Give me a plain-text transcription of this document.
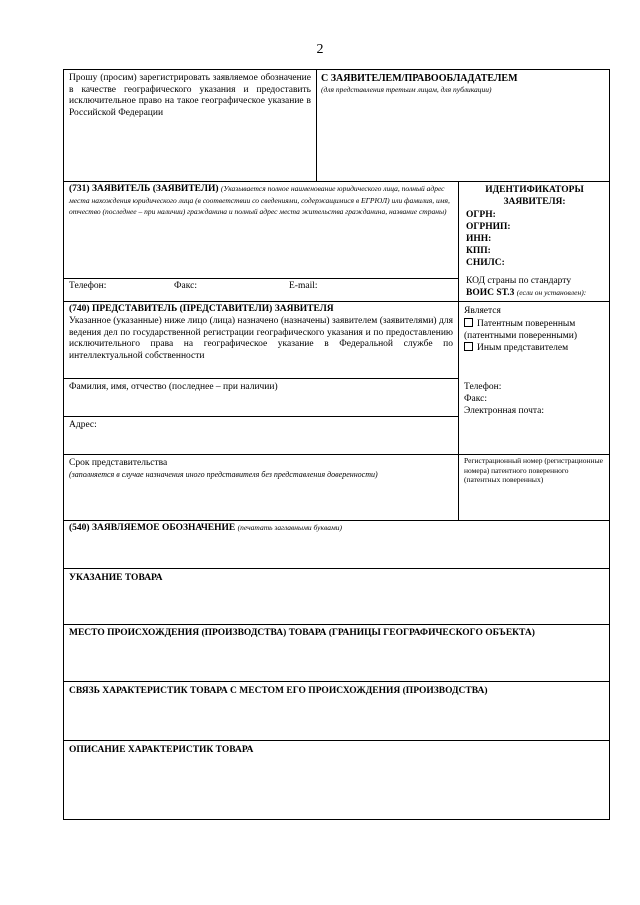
2
Прошу (просим) зарегистрировать заявляемое обозначение в качестве географического указания и предоставить исключительное право на такое географическое указание в Российской Федерации
С ЗАЯВИТЕЛЕМ/ПРАВООБЛАДАТЕЛЕМ
(для представления третьим лицам, для публикации)
(731) ЗАЯВИТЕЛЬ (ЗАЯВИТЕЛИ) (Указывается полное наименование юридического лица, полный адрес места нахождения юридического лица (в соответствии со сведениями, содержащимися в ЕГРЮЛ) или фамилия, имя, отчество (последнее – при наличии) гражданина и полный адрес места жительства гражданина, название страны)
Телефон:	Факс:	E-mail:
ИДЕНТИФИКАТОРЫ
ЗАЯВИТЕЛЯ:
ОГРН:
ОГРНИП:
ИНН:
КПП:
СНИЛС:
КОД страны по стандарту
ВОИС ST.3 (если он установлен):
(740) ПРЕДСТАВИТЕЛЬ (ПРЕДСТАВИТЕЛИ) ЗАЯВИТЕЛЯ
Указанное (указанные) ниже лицо (лица) назначено (назначены) заявителем (заявителями) для ведения дел по государственной регистрации географического указания и по предоставлению исключительного права на географическое указание в Федеральной службе по интеллектуальной собственности
Является
Патентным поверенным (патентными поверенными)
Иным представителем
Фамилия, имя, отчество (последнее – при наличии)	Телефон:
Факс:
Электронная почта:
Адрес:
Срок представительства
(заполняется в случае назначения иного представителя без представления доверенности)
Регистрационный номер (регистрационные номера) патентного поверенного (патентных поверенных)
(540) ЗАЯВЛЯЕМОЕ ОБОЗНАЧЕНИЕ (печатать заглавными буквами)
УКАЗАНИЕ ТОВАРА
МЕСТО ПРОИСХОЖДЕНИЯ (ПРОИЗВОДСТВА) ТОВАРА (ГРАНИЦЫ ГЕОГРАФИЧЕСКОГО ОБЪЕКТА)
СВЯЗЬ ХАРАКТЕРИСТИК ТОВАРА С МЕСТОМ ЕГО ПРОИСХОЖДЕНИЯ (ПРОИЗВОДСТВА)
ОПИСАНИЕ ХАРАКТЕРИСТИК ТОВАРА
